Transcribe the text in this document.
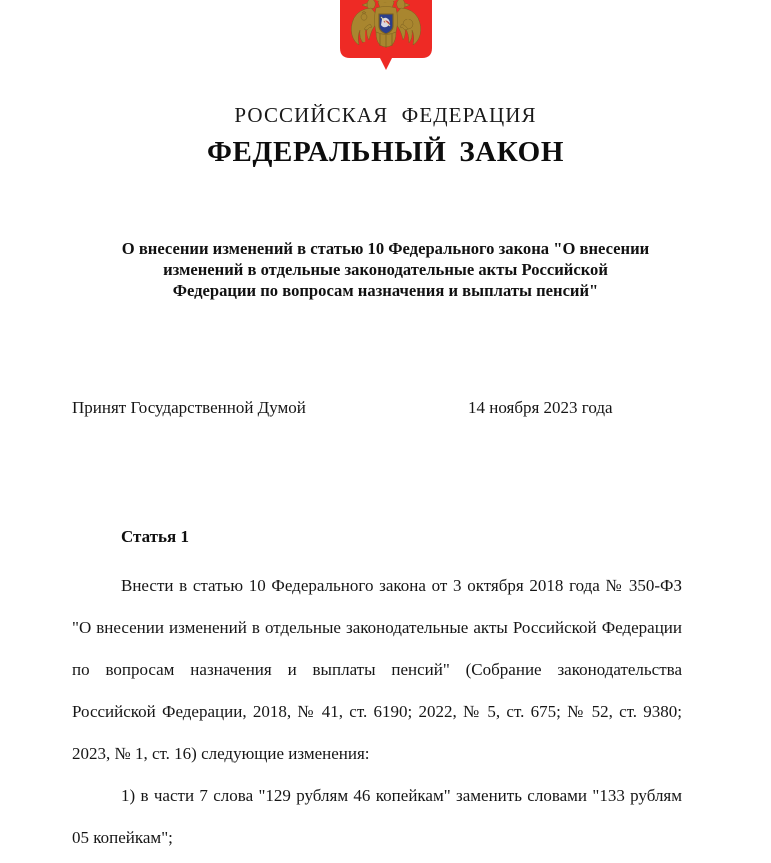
РОССИЙСКАЯ ФЕДЕРАЦИЯ
ФЕДЕРАЛЬНЫЙ ЗАКОН
О внесении изменений в статью 10 Федерального закона "О внесении изменений в отдельные законодательные акты Российской Федерации по вопросам назначения и выплаты пенсий"
Принят Государственной Думой	14 ноября 2023 года
Статья 1

Внести в статью 10 Федерального закона от 3 октября 2018 года № 350-ФЗ "О внесении изменений в отдельные законодательные акты Российской Федерации по вопросам назначения и выплаты пенсий" (Собрание законодательства Российской Федерации, 2018, № 41, ст. 6190; 2022, № 5, ст. 675; № 52, ст. 9380; 2023, № 1, ст. 16) следующие изменения:

1) в части 7 слова "129 рублям 46 копейкам" заменить словами "133 рублям 05 копейкам";
